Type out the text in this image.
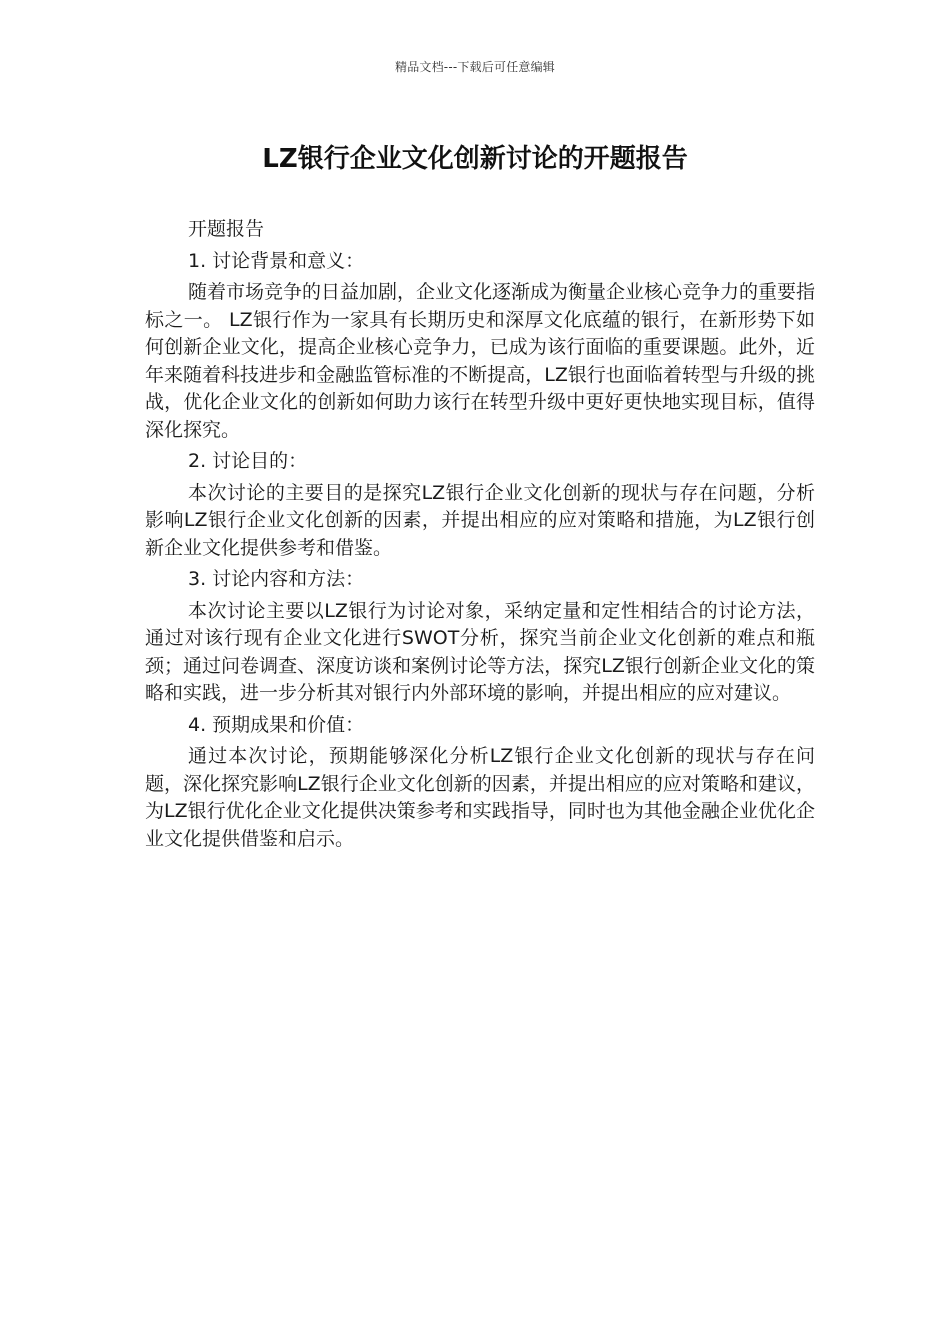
精品文档---下载后可任意编辑
LZ银行企业文化创新讨论的开题报告

开题报告

1. 讨论背景和意义：

随着市场竞争的日益加剧，企业文化逐渐成为衡量企业核心竞争力的重要指标之一。 LZ银行作为一家具有长期历史和深厚文化底蕴的银行，在新形势下如何创新企业文化，提高企业核心竞争力，已成为该行面临的重要课题。此外，近年来随着科技进步和金融监管标准的不断提高，LZ银行也面临着转型与升级的挑战，优化企业文化的创新如何助力该行在转型升级中更好更快地实现目标，值得深化探究。

2. 讨论目的：

本次讨论的主要目的是探究LZ银行企业文化创新的现状与存在问题，分析影响LZ银行企业文化创新的因素，并提出相应的应对策略和措施，为LZ银行创新企业文化提供参考和借鉴。

3. 讨论内容和方法：

本次讨论主要以LZ银行为讨论对象，采纳定量和定性相结合的讨论方法，通过对该行现有企业文化进行SWOT分析，探究当前企业文化创新的难点和瓶颈；通过问卷调查、深度访谈和案例讨论等方法，探究LZ银行创新企业文化的策略和实践，进一步分析其对银行内外部环境的影响，并提出相应的应对建议。

4. 预期成果和价值：

通过本次讨论，预期能够深化分析LZ银行企业文化创新的现状与存在问题，深化探究影响LZ银行企业文化创新的因素，并提出相应的应对策略和建议，为LZ银行优化企业文化提供决策参考和实践指导，同时也为其他金融企业优化企业文化提供借鉴和启示。
